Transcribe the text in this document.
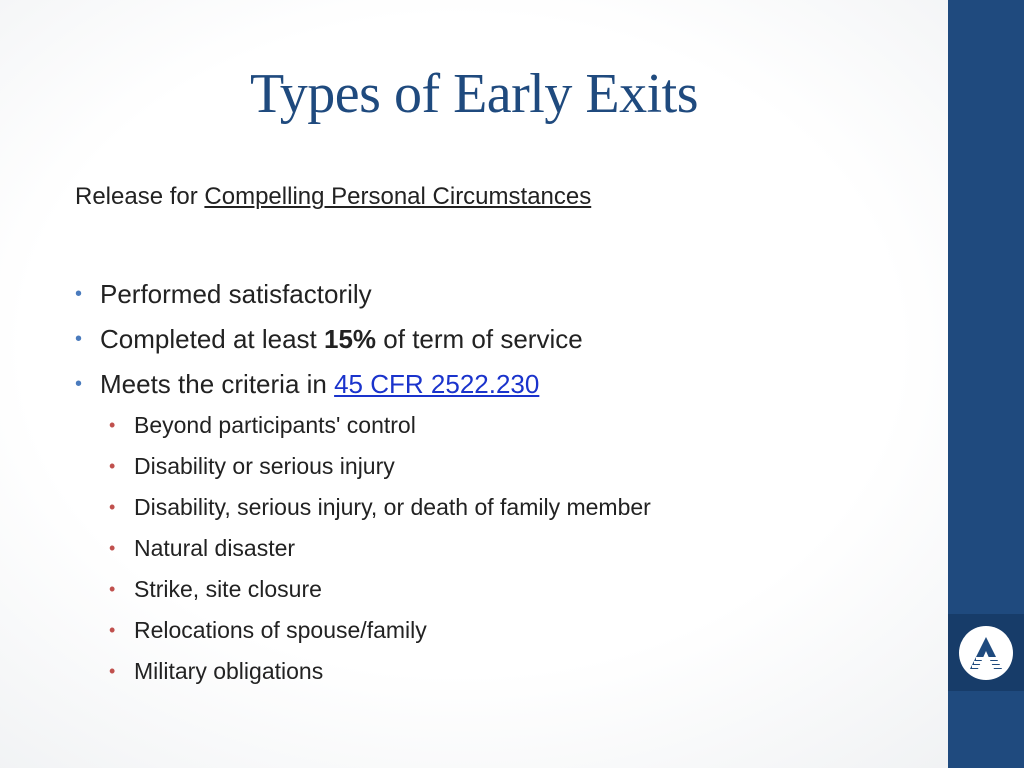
Types of Early Exits

Release for Compelling Personal Circumstances

• Performed satisfactorily
• Completed at least 15% of term of service
• Meets the criteria in 45 CFR 2522.230
• Beyond participants' control
• Disability or serious injury
• Disability, serious injury, or death of family member
• Natural disaster
• Strike, site closure
• Relocations of spouse/family
• Military obligations
